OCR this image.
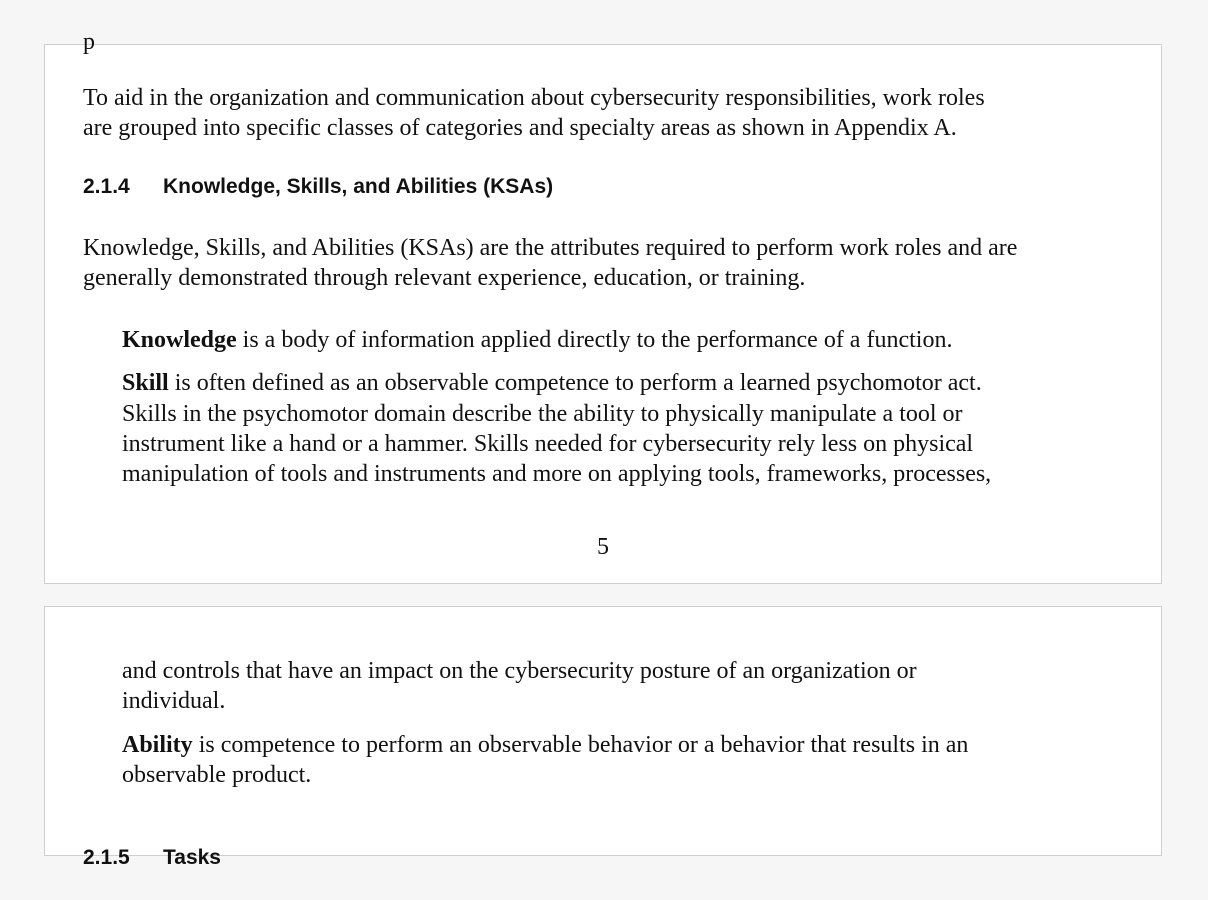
p

To aid in the organization and communication about cybersecurity responsibilities, work roles

are grouped into specific classes of categories and specialty areas as shown in Appendix A.

2.1.4 Knowledge, Skills, and Abilities (KSAs)

Knowledge, Skills, and Abilities (KSAs) are the attributes required to perform work roles and are

generally demonstrated through relevant experience, education, or training.

Knowledge is a body of information applied directly to the performance of a function.

Skill is often defined as an observable competence to perform a learned psychomotor act.

Skills in the psychomotor domain describe the ability to physically manipulate a tool or

instrument like a hand or a hammer. Skills needed for cybersecurity rely less on physical

manipulation of tools and instruments and more on applying tools, frameworks, processes,

5

and controls that have an impact on the cybersecurity posture of an organization or

individual.

Ability is competence to perform an observable behavior or a behavior that results in an

observable product.

2.1.5 Tasks
